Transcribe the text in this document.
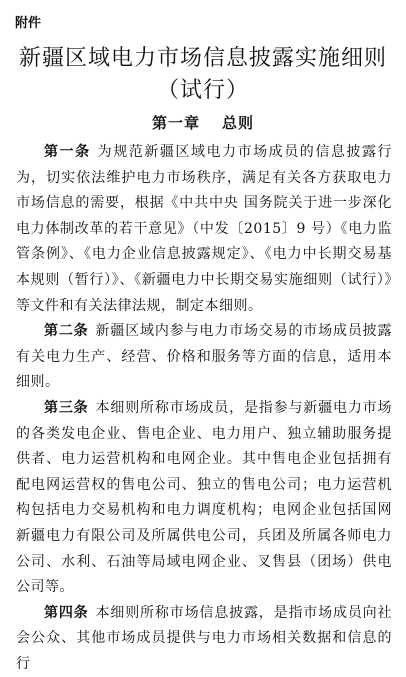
附件
新疆区域电力市场信息披露实施细则
（试行）
第一章 总则

第一条 为规范新疆区域电力市场成员的信息披露行为，切实依法维护电力市场秩序，满足有关各方获取电力市场信息的需要，根据《中共中央 国务院关于进一步深化电力体制改革的若干意见》（中发〔2015〕9 号）《电力监管条例》、《电力企业信息披露规定》、《电力中长期交易基本规则（暂行）》、《新疆电力中长期交易实施细则（试行）》等文件和有关法律法规，制定本细则。

第二条 新疆区域内参与电力市场交易的市场成员披露有关电力生产、经营、价格和服务等方面的信息，适用本细则。

第三条 本细则所称市场成员，是指参与新疆电力市场的各类发电企业、售电企业、电力用户、独立辅助服务提供者、电力运营机构和电网企业。其中售电企业包括拥有配电网运营权的售电公司、独立的售电公司；电力运营机构包括电力交易机构和电力调度机构；电网企业包括国网新疆电力有限公司及所属供电公司，兵团及所属各师电力公司、水利、石油等局域电网企业、叉售县（团场）供电公司等。

第四条 本细则所称市场信息披露，是指市场成员向社会公众、其他市场成员提供与电力市场相关数据和信息的行
